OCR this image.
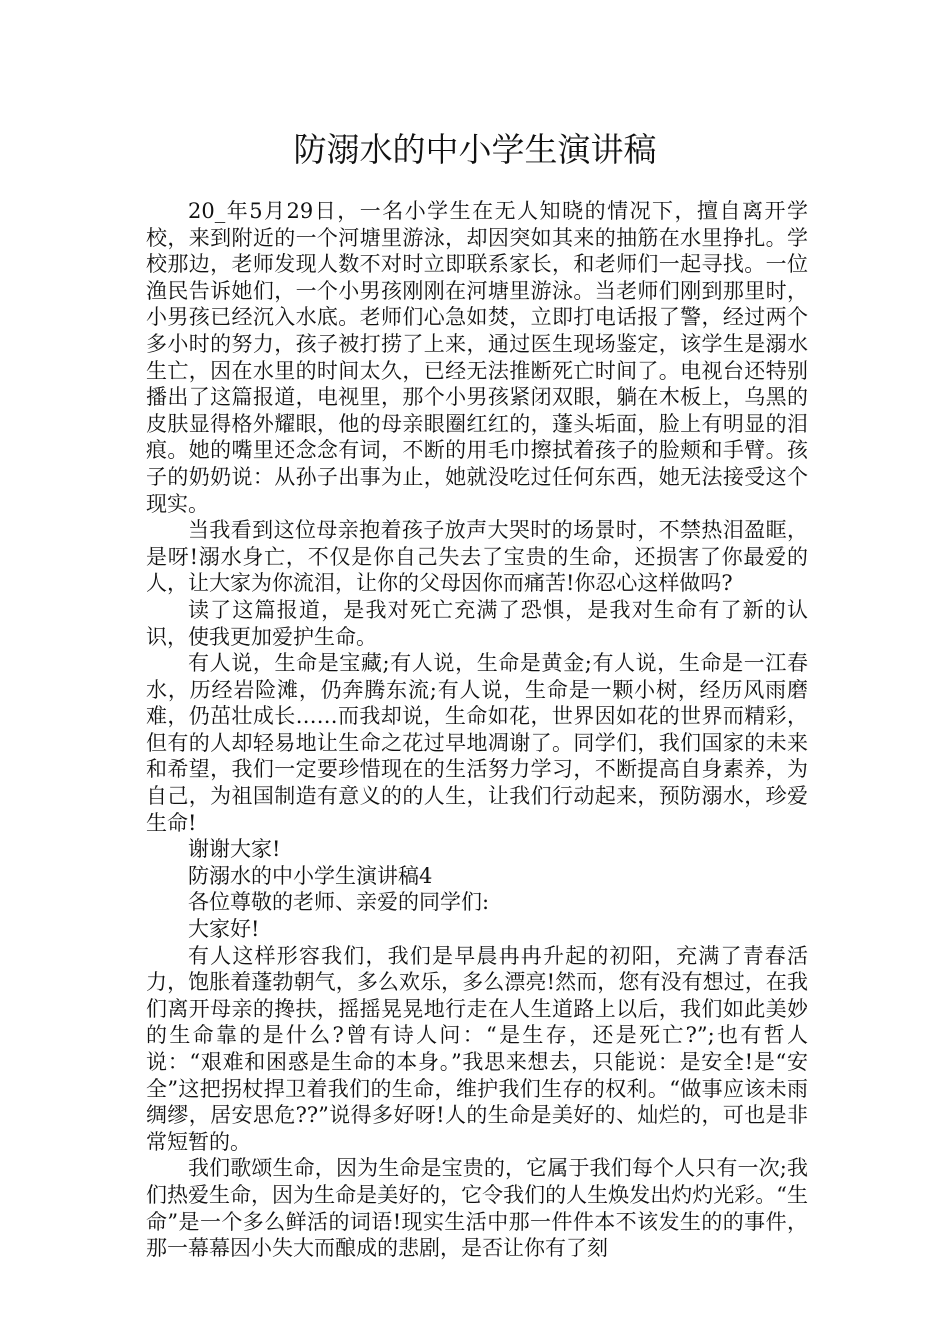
防溺水的中小学生演讲稿

20_年5月29日，一名小学生在无人知晓的情况下，擅自离开学校，来到附近的一个河塘里游泳，却因突如其来的抽筋在水里挣扎。学校那边，老师发现人数不对时立即联系家长，和老师们一起寻找。一位渔民告诉她们，一个小男孩刚刚在河塘里游泳。当老师们刚到那里时，小男孩已经沉入水底。老师们心急如焚，立即打电话报了警，经过两个多小时的努力，孩子被打捞了上来，通过医生现场鉴定，该学生是溺水生亡，因在水里的时间太久，已经无法推断死亡时间了。电视台还特别播出了这篇报道，电视里，那个小男孩紧闭双眼，躺在木板上，乌黑的皮肤显得格外耀眼，他的母亲眼圈红红的，蓬头垢面，脸上有明显的泪痕。她的嘴里还念念有词，不断的用毛巾擦拭着孩子的脸颊和手臂。孩子的奶奶说：从孙子出事为止，她就没吃过任何东西，她无法接受这个现实。

当我看到这位母亲抱着孩子放声大哭时的场景时，不禁热泪盈眶，是呀!溺水身亡，不仅是你自己失去了宝贵的生命，还损害了你最爱的人，让大家为你流泪，让你的父母因你而痛苦!你忍心这样做吗?

读了这篇报道，是我对死亡充满了恐惧，是我对生命有了新的认识，使我更加爱护生命。

有人说，生命是宝藏;有人说，生命是黄金;有人说，生命是一江春水，历经岩险滩，仍奔腾东流;有人说，生命是一颗小树，经历风雨磨难，仍茁壮成长……而我却说，生命如花，世界因如花的世界而精彩，但有的人却轻易地让生命之花过早地凋谢了。同学们，我们国家的未来和希望，我们一定要珍惜现在的生活努力学习，不断提高自身素养，为自己，为祖国制造有意义的的人生，让我们行动起来，预防溺水，珍爱生命!

谢谢大家!

防溺水的中小学生演讲稿4

各位尊敬的老师、亲爱的同学们:

大家好!

有人这样形容我们，我们是早晨冉冉升起的初阳，充满了青春活力，饱胀着蓬勃朝气，多么欢乐，多么漂亮!然而，您有没有想过，在我们离开母亲的搀扶，摇摇晃晃地行走在人生道路上以后，我们如此美妙的生命靠的是什么?曾有诗人问：“是生存，还是死亡?”;也有哲人说：“艰难和困惑是生命的本身。”我思来想去，只能说：是安全!是“安全”这把拐杖捍卫着我们的生命，维护我们生存的权利。“做事应该未雨绸缪，居安思危??”说得多好呀!人的生命是美好的、灿烂的，可也是非常短暂的。

我们歌颂生命，因为生命是宝贵的，它属于我们每个人只有一次;我们热爱生命，因为生命是美好的，它令我们的人生焕发出灼灼光彩。“生命”是一个多么鲜活的词语!现实生活中那一件件本不该发生的的事件，那一幕幕因小失大而酿成的悲剧，是否让你有了刻
